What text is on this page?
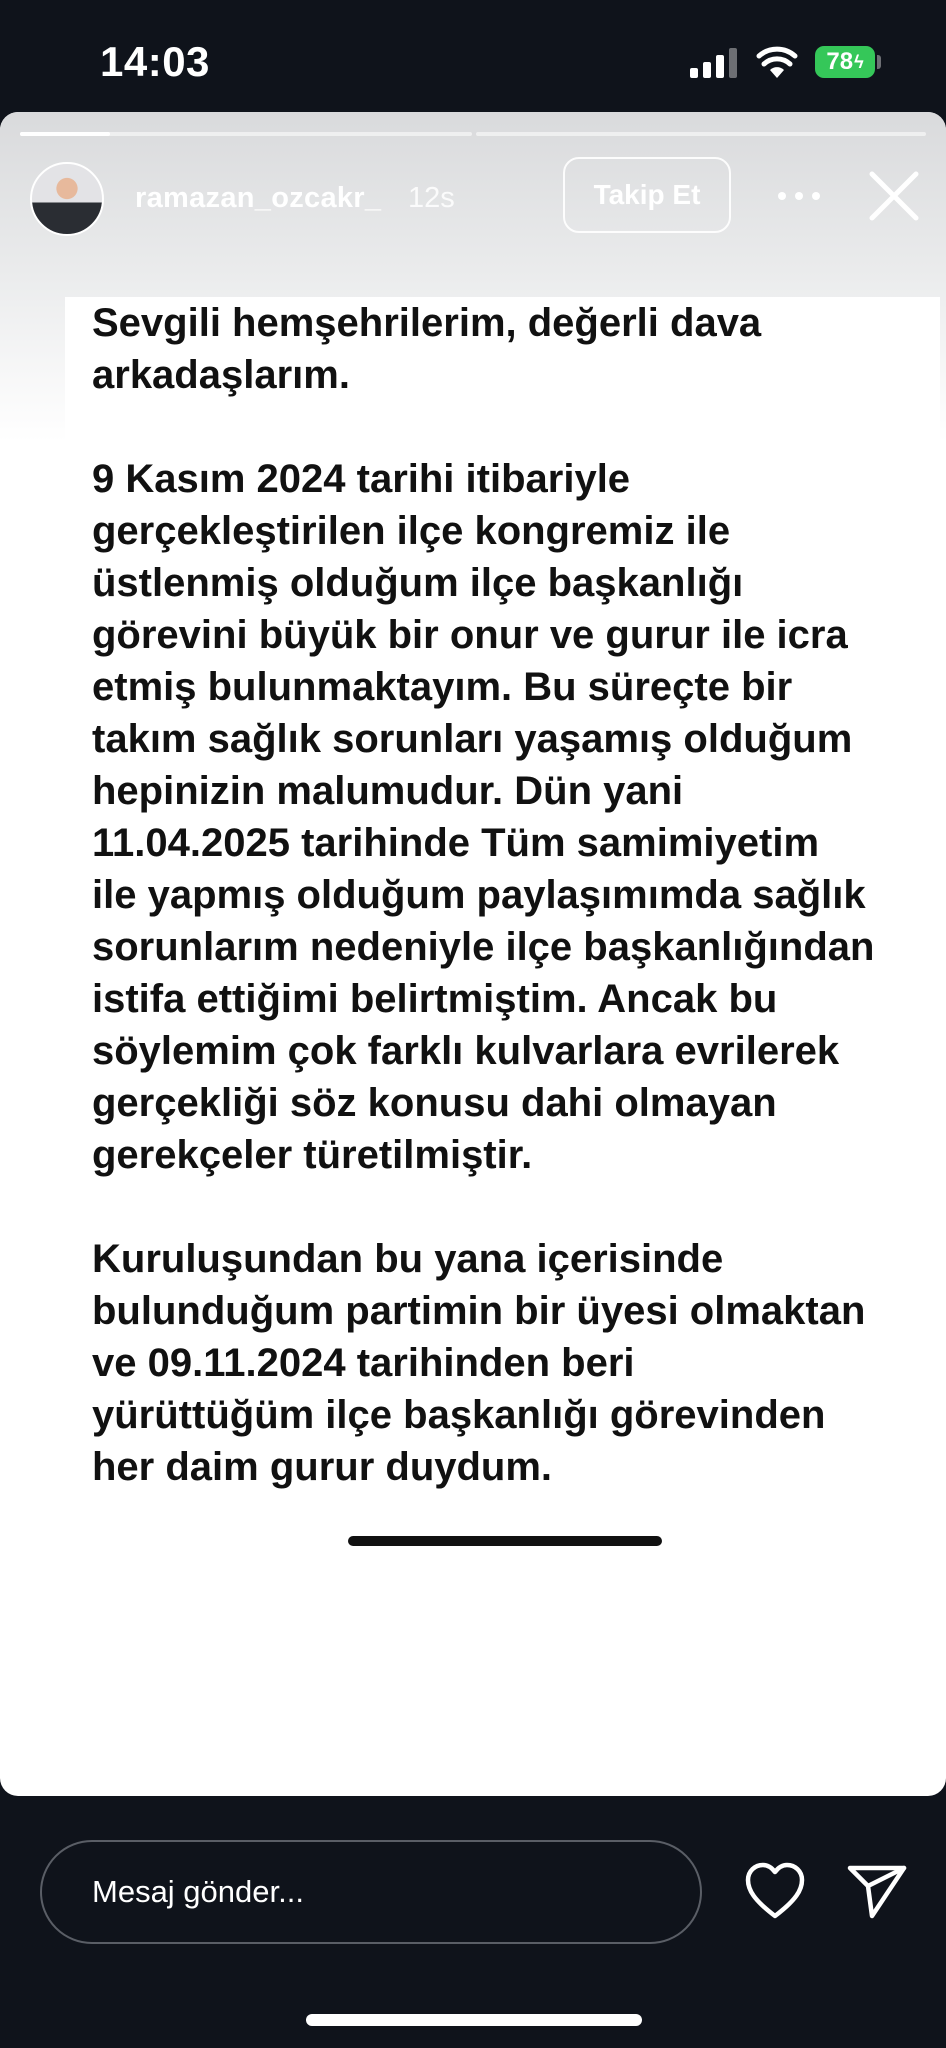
14:03	78 ϟ
ramazan_ozcakr_ 12s	Takip Et

Sevgili hemşehrilerim, değerli dava
arkadaşlarım.

9 Kasım 2024 tarihi itibariyle
gerçekleştirilen ilçe kongremiz ile
üstlenmiş olduğum ilçe başkanlığı
görevini büyük bir onur ve gurur ile icra
etmiş bulunmaktayım. Bu süreçte bir
takım sağlık sorunları yaşamış olduğum
hepinizin malumudur. Dün yani
11.04.2025 tarihinde Tüm samimiyetim
ile yapmış olduğum paylaşımımda sağlık
sorunlarım nedeniyle ilçe başkanlığından
istifa ettiğimi belirtmiştim. Ancak bu
söylemim çok farklı kulvarlara evrilerek
gerçekliği söz konusu dahi olmayan
gerekçeler türetilmiştir.

Kuruluşundan bu yana içerisinde
bulunduğum partimin bir üyesi olmaktan
ve 09.11.2024 tarihinden beri
yürüttüğüm ilçe başkanlığı görevinden
her daim gurur duydum.

Mesaj gönder...
